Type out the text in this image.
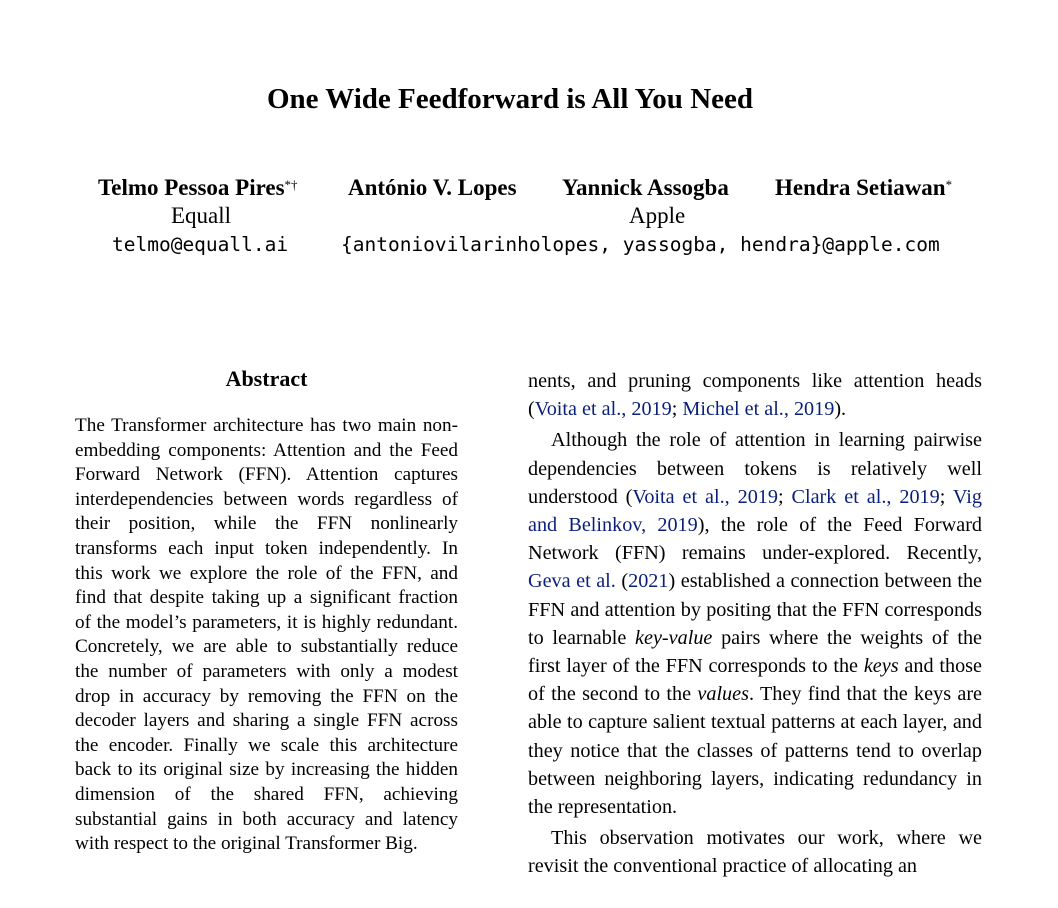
One Wide Feedforward is All You Need
Telmo Pessoa Pires*† António V. Lopes Yannick Assogba Hendra Setiawan*
Equall	Apple
telmo@equall.ai	{antoniovilarinholopes, yassogba, hendra}@apple.com
Abstract

The Transformer architecture has two main non-embedding components: Attention and the Feed Forward Network (FFN). Attention captures interdependencies between words regardless of their position, while the FFN nonlinearly transforms each input token independently. In this work we explore the role of the FFN, and find that despite taking up a significant fraction of the model’s parameters, it is highly redundant. Concretely, we are able to substantially reduce the number of parameters with only a modest drop in accuracy by removing the FFN on the decoder layers and sharing a single FFN across the encoder. Finally we scale this architecture back to its original size by increasing the hidden dimension of the shared FFN, achieving substantial gains in both accuracy and latency with respect to the original Transformer Big.

nents, and pruning components like attention heads (Voita et al., 2019; Michel et al., 2019).

Although the role of attention in learning pairwise dependencies between tokens is relatively well understood (Voita et al., 2019; Clark et al., 2019; Vig and Belinkov, 2019), the role of the Feed Forward Network (FFN) remains under-explored. Recently, Geva et al. (2021) established a connection between the FFN and attention by positing that the FFN corresponds to learnable key-value pairs where the weights of the first layer of the FFN corresponds to the keys and those of the second to the values. They find that the keys are able to capture salient textual patterns at each layer, and they notice that the classes of patterns tend to overlap between neighboring layers, indicating redundancy in the representation.

This observation motivates our work, where we revisit the conventional practice of allocating an
